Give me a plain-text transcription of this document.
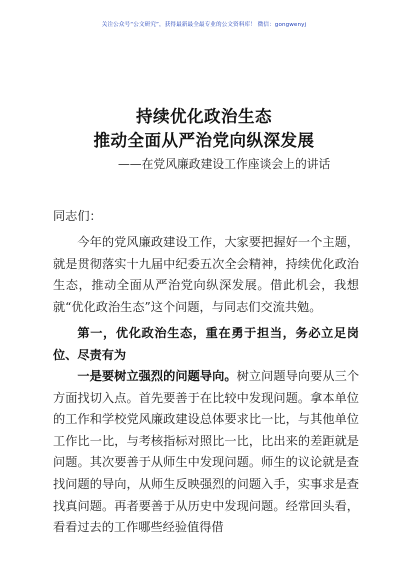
关注公众号“公文研究”，获得最新最全最专业的公文资料库！ 微信：gongwenyj
持续优化政治生态
推动全面从严治党向纵深发展
——在党风廉政建设工作座谈会上的讲话
同志们：
今年的党风廉政建设工作，大家要把握好一个主题，就是贯彻落实十九届中纪委五次全会精神，持续优化政治生态，推动全面从严治党向纵深发展。借此机会，我想就“优化政治生态”这个问题，与同志们交流共勉。
第一，优化政治生态，重在勇于担当，务必立足岗位、尽责有为
一是要树立强烈的问题导向。树立问题导向要从三个方面找切入点。首先要善于在比较中发现问题。拿本单位的工作和学校党风廉政建设总体要求比一比，与其他单位工作比一比，与考核指标对照比一比，比出来的差距就是问题。其次要善于从师生中发现问题。师生的议论就是查找问题的导向，从师生反映强烈的问题入手，实事求是查找真问题。再者要善于从历史中发现问题。经常回头看，看看过去的工作哪些经验值得借
